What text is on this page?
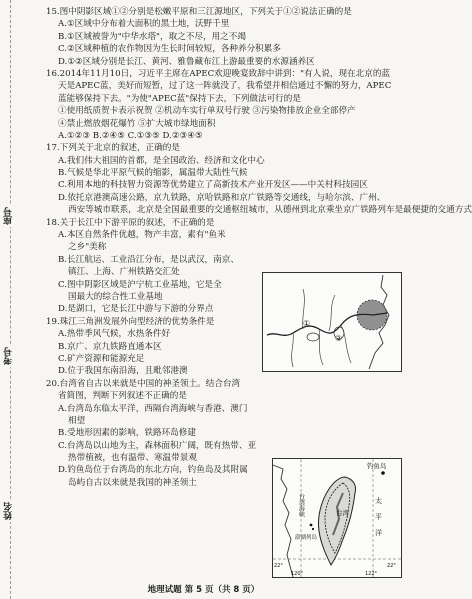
座号
考号
姓名
15.图中阴影区域①②分别是松嫩平原和三江源地区，下列关于①②说法正确的是
A.①区域中分布着大面积的黑土地，沃野千里
B.①区域被誉为"中华水塔"，取之不尽，用之不竭
C.②区域种植的农作物因为生长时间较短，各种养分积累多
D.①②区域分别是长江、黄河、雅鲁藏布江上游最重要的水源涵养区
16.2014年11月10日，习近平主席在APEC欢迎晚宴致辞中讲到："有人说，现在北京的蓝
天是APEC蓝，美好而短暂，过了这一阵就没了，我希望并相信通过不懈的努力，APEC
蓝能够保持下去。"为使"APEC蓝"保持下去，下列做法可行的是
①使用纸质贺卡表示祝贺 ②机动车实行单双号行驶 ③污染物排放企业全部停产
④禁止燃放烟花爆竹 ⑤扩大城市绿地面积
A.①②③ B.②④⑤ C.①③⑤ D.②③④⑤
17.下列关于北京的叙述，正确的是
A.我们伟大祖国的首都，是全国政治、经济和文化中心
B.气候是华北平原气候的缩影，属温带大陆性气候
C.利用本地的科技智力资源等优势建立了高新技术产业开发区——中关村科技园区
D.依托京港澳高速公路，京九铁路，京哈铁路和京广铁路等交通线，与哈尔滨、广州、
西安等城市联系，北京是全国最重要的交通枢纽城市，从德州到北京乘坐京广铁路列车是最便捷的交通方式
18.关于长江中下游平原的叙述，不正确的是
A.本区自然条件优越，物产丰富，素有"鱼米
之乡"美称
B.长江航运、工业沿江分布，是以武汉，南京、
镇江、上海、广州铁路交汇处
C.图中阴影区域是沪宁杭工业基地，它是全
国最大的综合性工业基地
D.是湖口，它是长江中游与下游的分界点
19.珠江三角洲发展外向型经济的优势条件是
A.热带季风气候，水热条件好
B.京广、京九铁路直通本区
C.矿产资源和能源充足
D.位于我国东南沿海，且毗邻港澳
20.台湾省自古以来就是中国的神圣领土。结合台湾
省简图，判断下列叙述不正确的是
A.台湾岛东临太平洋，西隔台湾海峡与香港、澳门
相望
B.受地形因素的影响，铁路环岛修建
C.台湾岛以山地为主，森林面积广阔，既有热带、亚
热带植被，也有温带、寒温带景观
D.钓鱼岛位于台湾岛的东北方向，钓鱼岛及其附属
岛屿自古以来就是我国的神圣领土
①
②
钓鱼岛
澎湖列岛
台湾海峡	台湾
太
平
洋
22°	22°
120°	122°
地理试题 第 5 页（共 8 页）
